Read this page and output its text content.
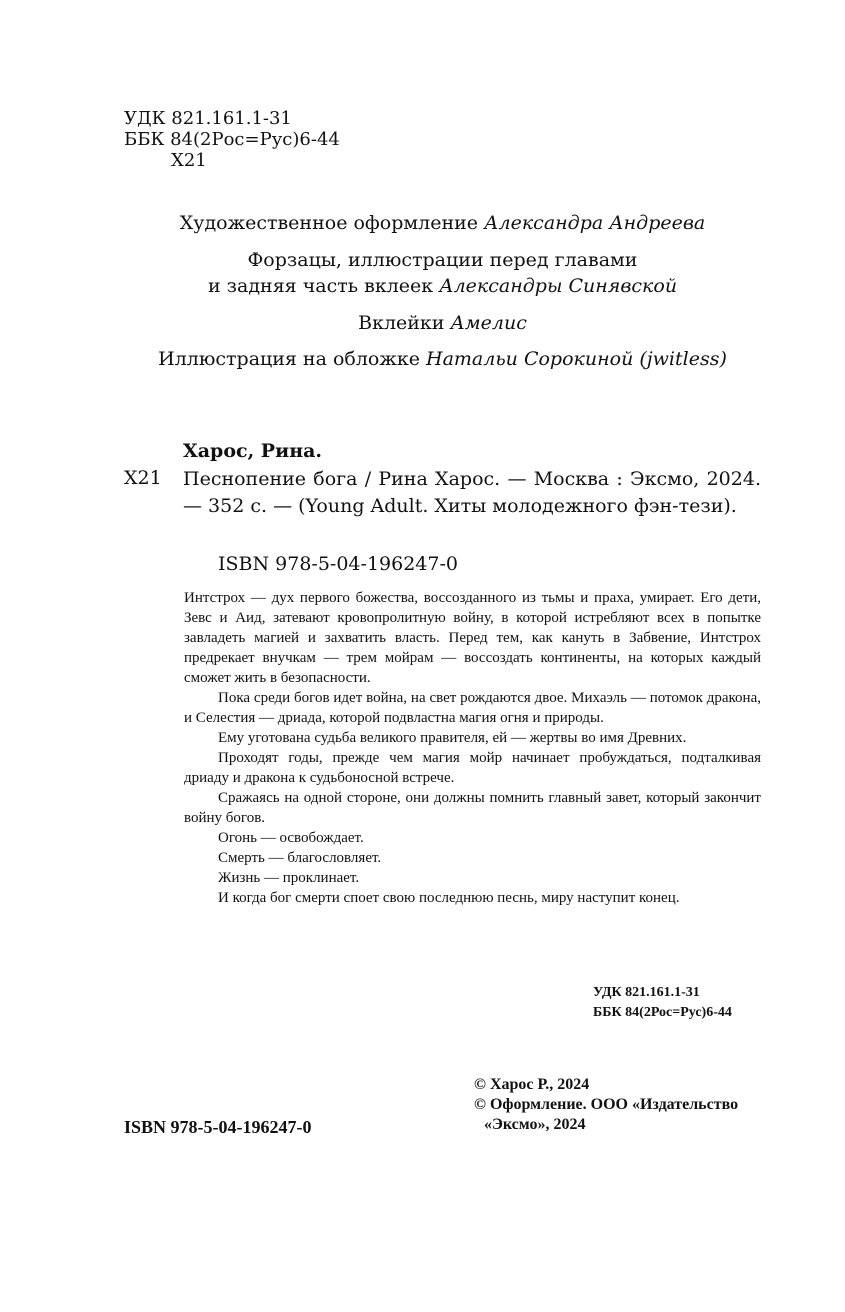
УДК 821.161.1-31
ББК 84(2Рос=Рус)6-44
Х21
Художественное оформление Александра Андреева
Форзацы, иллюстрации перед главами
и задняя часть вклеек Александры Синявской
Вклейки Амелис
Иллюстрация на обложке Натальи Сорокиной (jwitless)
Харос, Рина.
Х21 Песнопение бога / Рина Харос. — Москва : Эксмо, 2024. — 352 с. — (Young Adult. Хиты молодежного фэн-тези).
ISBN 978-5-04-196247-0

Интстрох — дух первого божества, воссозданного из тьмы и праха, умирает. Его дети, Зевс и Аид, затевают кровопролитную войну, в которой истребляют всех в попытке завладеть магией и захватить власть. Перед тем, как кануть в Забвение, Интстрох предрекает внучкам — трем мойрам — воссоздать континенты, на которых каждый сможет жить в безопасности.

Пока среди богов идет война, на свет рождаются двое. Михаэль — потомок дракона, и Селестия — дриада, которой подвластна магия огня и природы.

Ему уготована судьба великого правителя, ей — жертвы во имя Древних.

Проходят годы, прежде чем магия мойр начинает пробуждаться, подталкивая дриаду и дракона к судьбоносной встрече.

Сражаясь на одной стороне, они должны помнить главный завет, который закончит войну богов.

Огонь — освобождает.

Смерть — благословляет.

Жизнь — проклинает.

И когда бог смерти споет свою последнюю песнь, миру наступит конец.

УДК 821.161.1-31
ББК 84(2Рос=Рус)6-44
© Харос Р., 2024
© Оформление. ООО «Издательство
«Эксмо», 2024
ISBN 978-5-04-196247-0
